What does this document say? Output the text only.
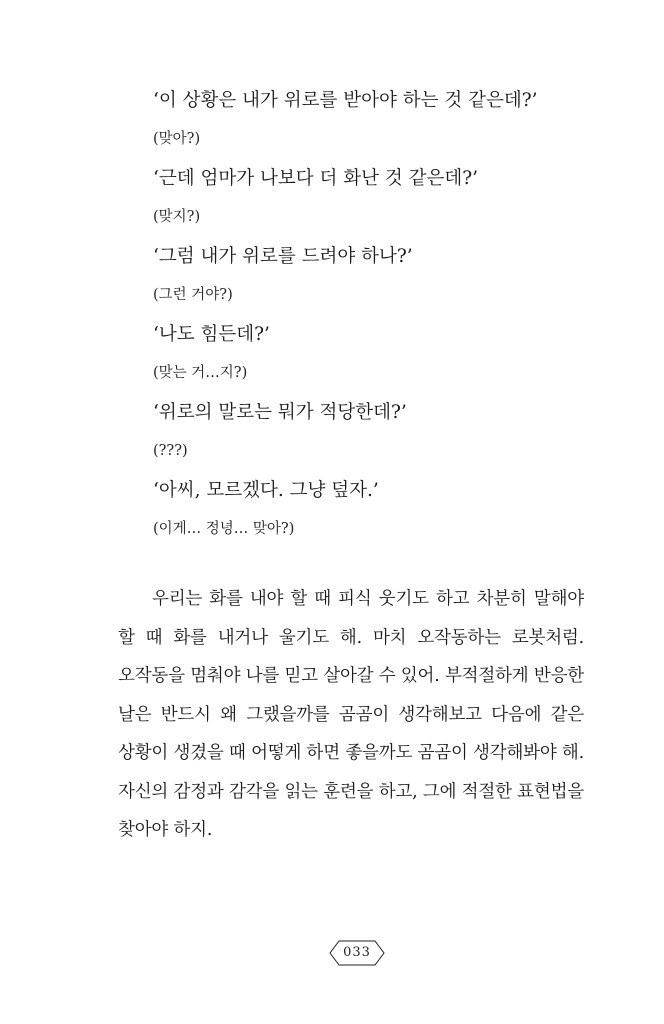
‘이 상황은 내가 위로를 받아야 하는 것 같은데?’
(맞아?)
‘근데 엄마가 나보다 더 화난 것 같은데?’
(맞지?)
‘그럼 내가 위로를 드려야 하나?’
(그런 거야?)
‘나도 힘든데?’
(맞는 거…지?)
‘위로의 말로는 뭐가 적당한데?’
(???)
‘아씨, 모르겠다. 그냥 덮자.’
(이게… 정녕… 맞아?)

우리는 화를 내야 할 때 피식 웃기도 하고 차분히 말해야 할 때 화를 내거나 울기도 해. 마치 오작동하는 로봇처럼. 오작동을 멈춰야 나를 믿고 살아갈 수 있어. 부적절하게 반응한 날은 반드시 왜 그랬을까를 곰곰이 생각해보고 다음에 같은 상황이 생겼을 때 어떻게 하면 좋을까도 곰곰이 생각해봐야 해. 자신의 감정과 감각을 읽는 훈련을 하고, 그에 적절한 표현법을 찾아야 하지.

033
